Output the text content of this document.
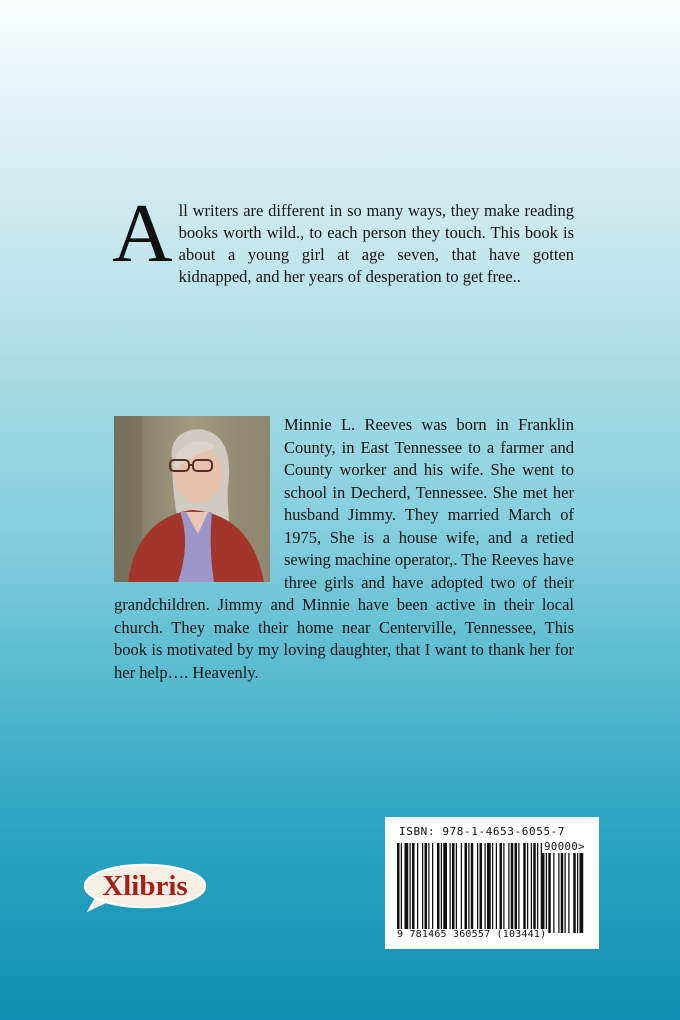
All writers are different in so many ways, they make reading books worth wild., to each person they touch. This book is about a young girl at age seven, that have gotten kidnapped, and her years of desperation to get free..

Minnie L. Reeves was born in Franklin County, in East Tennessee to a farmer and County worker and his wife. She went to school in Decherd, Tennessee. She met her husband Jimmy. They married March of 1975, She is a house wife, and a retied sewing machine operator,. The Reeves have three girls and have adopted two of their grandchildren. Jimmy and Minnie have been active in their local church. They make their home near Centerville, Tennessee, This book is motivated by my loving daughter, that I want to thank her for her help…. Heavenly.
Xlibris
ISBN: 978-1-4653-6055-7
90000>
9 781465 360557 (103441)
